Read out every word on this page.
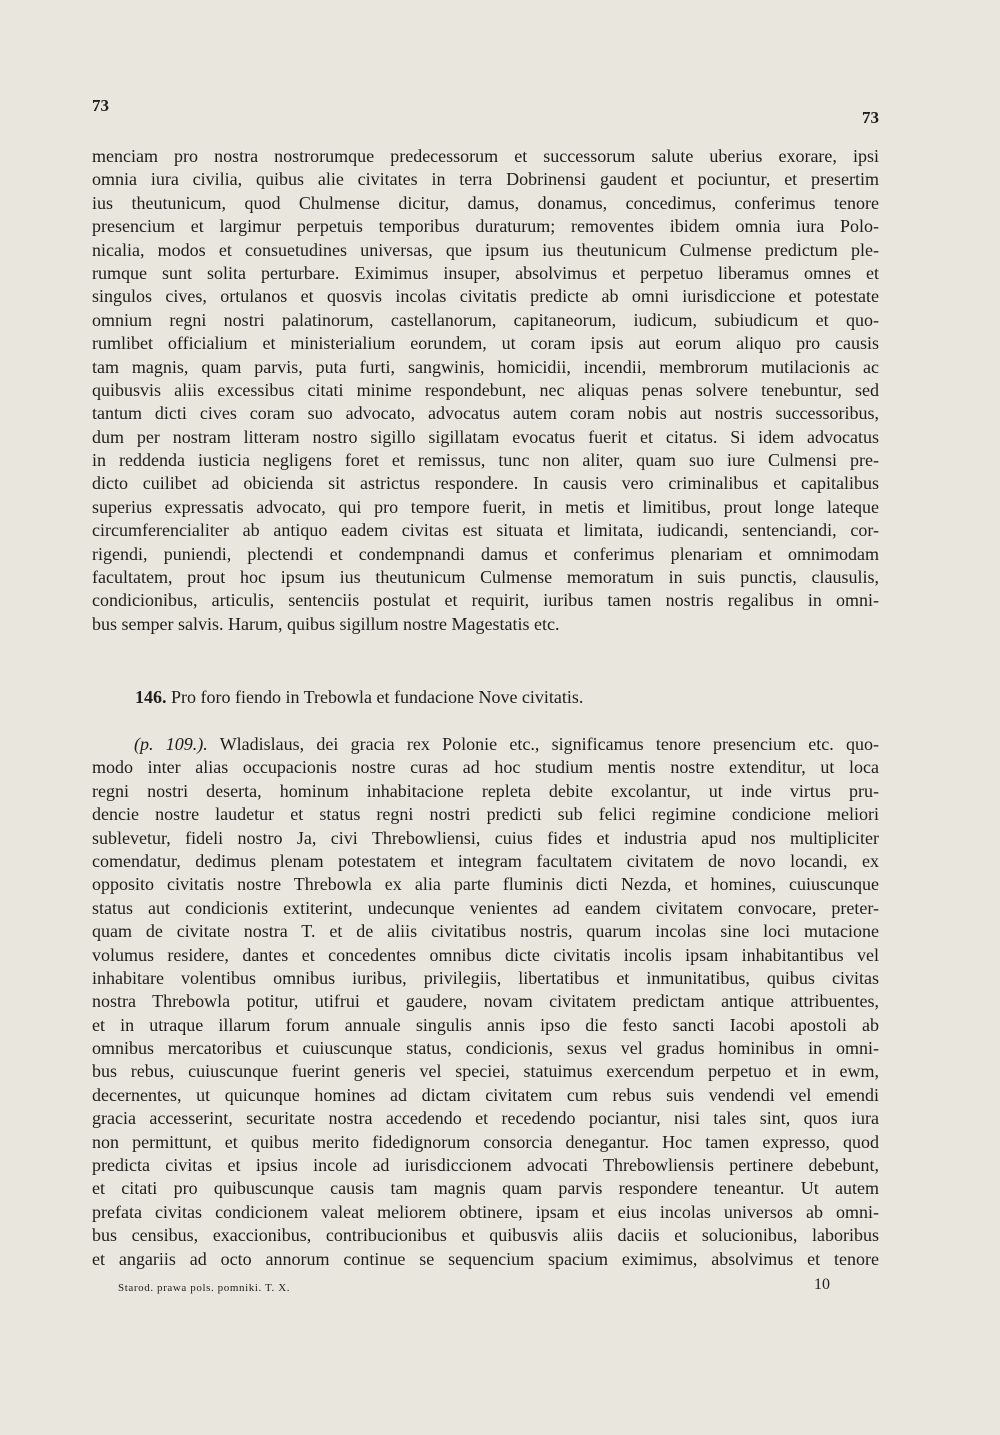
73
73
menciam pro nostra nostrorumque predecessorum et successorum salute uberius exorare, ipsi
omnia iura civilia, quibus alie civitates in terra Dobrinensi gaudent et pociuntur, et presertim
ius theutunicum, quod Chulmense dicitur, damus, donamus, concedimus, conferimus tenore
presencium et largimur perpetuis temporibus duraturum; removentes ibidem omnia iura Polo-
nicalia, modos et consuetudines universas, que ipsum ius theutunicum Culmense predictum ple-
rumque sunt solita perturbare. Eximimus insuper, absolvimus et perpetuo liberamus omnes et
singulos cives, ortulanos et quosvis incolas civitatis predicte ab omni iurisdiccione et potestate
omnium regni nostri palatinorum, castellanorum, capitaneorum, iudicum, subiudicum et quo-
rumlibet officialium et ministerialium eorundem, ut coram ipsis aut eorum aliquo pro causis
tam magnis, quam parvis, puta furti, sangwinis, homicidii, incendii, membrorum mutilacionis ac
quibusvis aliis excessibus citati minime respondebunt, nec aliquas penas solvere tenebuntur, sed
tantum dicti cives coram suo advocato, advocatus autem coram nobis aut nostris successoribus,
dum per nostram litteram nostro sigillo sigillatam evocatus fuerit et citatus. Si idem advocatus
in reddenda iusticia negligens foret et remissus, tunc non aliter, quam suo iure Culmensi pre-
dicto cuilibet ad obicienda sit astrictus respondere. In causis vero criminalibus et capitalibus
superius expressatis advocato, qui pro tempore fuerit, in metis et limitibus, prout longe lateque
circumferencialiter ab antiquo eadem civitas est situata et limitata, iudicandi, sentenciandi, cor-
rigendi, puniendi, plectendi et condempnandi damus et conferimus plenariam et omnimodam
facultatem, prout hoc ipsum ius theutunicum Culmense memoratum in suis punctis, clausulis,
condicionibus, articulis, sentenciis postulat et requirit, iuribus tamen nostris regalibus in omni-
bus semper salvis. Harum, quibus sigillum nostre Magestatis etc.
146. Pro foro fiendo in Trebowla et fundacione Nove civitatis.
(p. 109.). Wladislaus, dei gracia rex Polonie etc., significamus tenore presencium etc. quo-
modo inter alias occupacionis nostre curas ad hoc studium mentis nostre extenditur, ut loca
regni nostri deserta, hominum inhabitacione repleta debite excolantur, ut inde virtus pru-
dencie nostre laudetur et status regni nostri predicti sub felici regimine condicione meliori
sublevetur, fideli nostro Ja, civi Threbowliensi, cuius fides et industria apud nos multipliciter
comendatur, dedimus plenam potestatem et integram facultatem civitatem de novo locandi, ex
opposito civitatis nostre Threbowla ex alia parte fluminis dicti Nezda, et homines, cuiuscunque
status aut condicionis extiterint, undecunque venientes ad eandem civitatem convocare, preter-
quam de civitate nostra T. et de aliis civitatibus nostris, quarum incolas sine loci mutacione
volumus residere, dantes et concedentes omnibus dicte civitatis incolis ipsam inhabitantibus vel
inhabitare volentibus omnibus iuribus, privilegiis, libertatibus et inmunitatibus, quibus civitas
nostra Threbowla potitur, utifrui et gaudere, novam civitatem predictam antique attribuentes,
et in utraque illarum forum annuale singulis annis ipso die festo sancti Iacobi apostoli ab
omnibus mercatoribus et cuiuscunque status, condicionis, sexus vel gradus hominibus in omni-
bus rebus, cuiuscunque fuerint generis vel speciei, statuimus exercendum perpetuo et in ewm,
decernentes, ut quicunque homines ad dictam civitatem cum rebus suis vendendi vel emendi
gracia accesserint, securitate nostra accedendo et recedendo pociantur, nisi tales sint, quos iura
non permittunt, et quibus merito fidedignorum consorcia denegantur. Hoc tamen expresso, quod
predicta civitas et ipsius incole ad iurisdiccionem advocati Threbowliensis pertinere debebunt,
et citati pro quibuscunque causis tam magnis quam parvis respondere teneantur. Ut autem
prefata civitas condicionem valeat meliorem obtinere, ipsam et eius incolas universos ab omni-
bus censibus, exaccionibus, contribucionibus et quibusvis aliis daciis et solucionibus, laboribus
et angariis ad octo annorum continue se sequencium spacium eximimus, absolvimus et tenore
Starod. prawa pols. pomniki. T. X.	10
